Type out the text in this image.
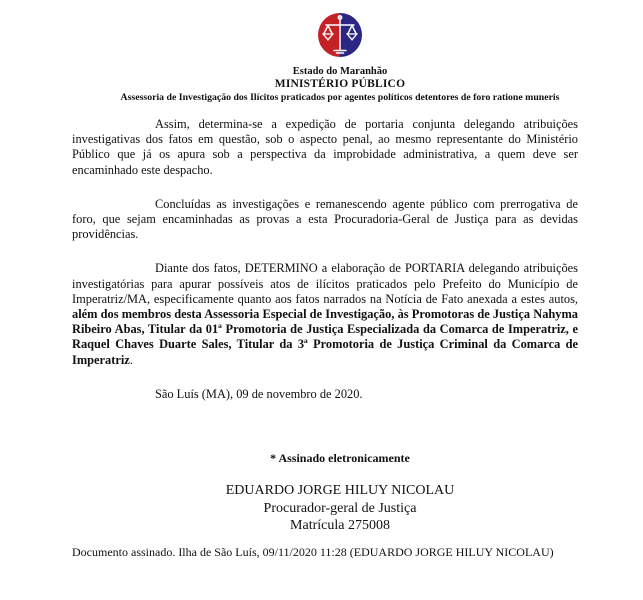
Estado do Maranhão
MINISTÉRIO PÚBLICO
Assessoria de Investigação dos Ilícitos praticados por agentes políticos detentores de foro ratione muneris

Assim, determina-se a expedição de portaria conjunta delegando atribuições investigativas dos fatos em questão, sob o aspecto penal, ao mesmo representante do Ministério Público que já os apura sob a perspectiva da improbidade administrativa, a quem deve ser encaminhado este despacho.

Concluídas as investigações e remanescendo agente público com prerrogativa de foro, que sejam encaminhadas as provas a esta Procuradoria-Geral de Justiça para as devidas providências.

Diante dos fatos, DETERMINO a elaboração de PORTARIA delegando atribuições investigatórias para apurar possíveis atos de ilícitos praticados pelo Prefeito do Município de Imperatriz/MA, especificamente quanto aos fatos narrados na Notícia de Fato anexada a estes autos, além dos membros desta Assessoria Especial de Investigação, às Promotoras de Justiça Nahyma Ribeiro Abas, Titular da 01ª Promotoria de Justiça Especializada da Comarca de Imperatriz, e Raquel Chaves Duarte Sales, Titular da 3ª Promotoria de Justiça Criminal da Comarca de Imperatriz.

São Luís (MA), 09 de novembro de 2020.

* Assinado eletronicamente
EDUARDO JORGE HILUY NICOLAU
Procurador-geral de Justiça
Matrícula 275008
Documento assinado. Ilha de São Luís, 09/11/2020 11:28 (EDUARDO JORGE HILUY NICOLAU)
